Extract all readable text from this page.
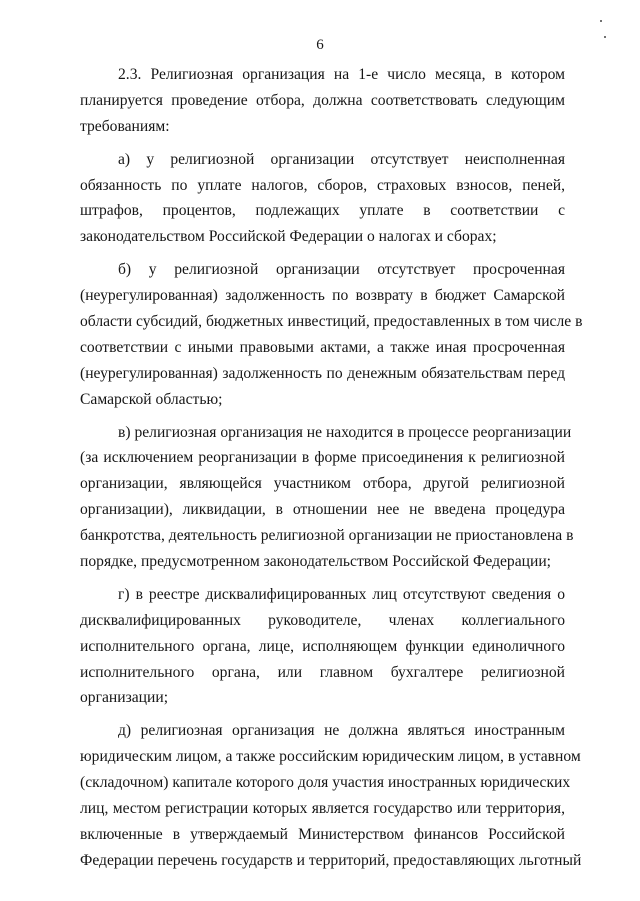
6

2.3. Религиозная организация на 1-е число месяца, в котором
планируется проведение отбора, должна соответствовать следующим
требованиям:

а) у религиозной организации отсутствует неисполненная
обязанность по уплате налогов, сборов, страховых взносов, пеней,
штрафов, процентов, подлежащих уплате в соответствии с
законодательством Российской Федерации о налогах и сборах;

б) у религиозной организации отсутствует просроченная
(неурегулированная) задолженность по возврату в бюджет Самарской
области субсидий, бюджетных инвестиций, предоставленных в том числе в
соответствии с иными правовыми актами, а также иная просроченная
(неурегулированная) задолженность по денежным обязательствам перед
Самарской областью;

в) религиозная организация не находится в процессе реорганизации
(за исключением реорганизации в форме присоединения к религиозной
организации, являющейся участником отбора, другой религиозной
организации), ликвидации, в отношении нее не введена процедура
банкротства, деятельность религиозной организации не приостановлена в
порядке, предусмотренном законодательством Российской Федерации;

г) в реестре дисквалифицированных лиц отсутствуют сведения о
дисквалифицированных руководителе, членах коллегиального
исполнительного органа, лице, исполняющем функции единоличного
исполнительного органа, или главном бухгалтере религиозной
организации;

д) религиозная организация не должна являться иностранным
юридическим лицом, а также российским юридическим лицом, в уставном
(складочном) капитале которого доля участия иностранных юридических
лиц, местом регистрации которых является государство или территория,
включенные в утверждаемый Министерством финансов Российской
Федерации перечень государств и территорий, предоставляющих льготный
